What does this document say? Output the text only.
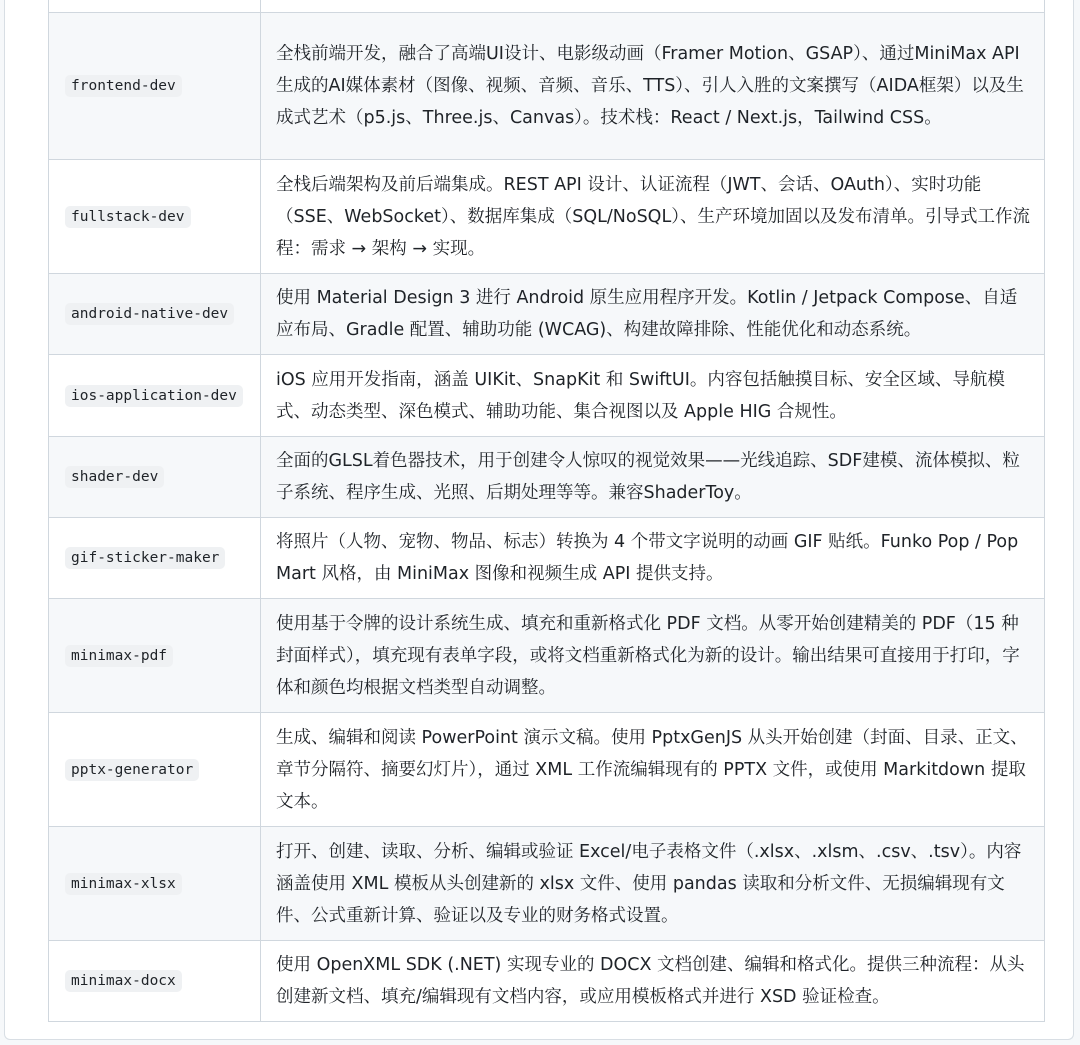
frontend-dev	全栈前端开发，融合了高端UI设计、电影级动画（Framer Motion、GSAP）、通过MiniMax API生成的AI媒体素材（图像、视频、音频、音乐、TTS）、引人入胜的文案撰写（AIDA框架）以及生成式艺术（p5.js、Three.js、Canvas）。技术栈：React / Next.js，Tailwind CSS。
fullstack-dev	全栈后端架构及前后端集成。REST API 设计、认证流程（JWT、会话、OAuth）、实时功能（SSE、WebSocket）、数据库集成（SQL/NoSQL）、生产环境加固以及发布清单。引导式工作流程：需求 → 架构 → 实现。
android-native-dev	使用 Material Design 3 进行 Android 原生应用程序开发。Kotlin / Jetpack Compose、自适应布局、Gradle 配置、辅助功能 (WCAG)、构建故障排除、性能优化和动态系统。
ios-application-dev	iOS 应用开发指南，涵盖 UIKit、SnapKit 和 SwiftUI。内容包括触摸目标、安全区域、导航模式、动态类型、深色模式、辅助功能、集合视图以及 Apple HIG 合规性。
shader-dev	全面的GLSL着色器技术，用于创建令人惊叹的视觉效果——光线追踪、SDF建模、流体模拟、粒子系统、程序生成、光照、后期处理等等。兼容ShaderToy。
gif-sticker-maker	将照片（人物、宠物、物品、标志）转换为 4 个带文字说明的动画 GIF 贴纸。Funko Pop / Pop Mart 风格，由 MiniMax 图像和视频生成 API 提供支持。
minimax-pdf	使用基于令牌的设计系统生成、填充和重新格式化 PDF 文档。从零开始创建精美的 PDF（15 种封面样式），填充现有表单字段，或将文档重新格式化为新的设计。输出结果可直接用于打印，字体和颜色均根据文档类型自动调整。
pptx-generator	生成、编辑和阅读 PowerPoint 演示文稿。使用 PptxGenJS 从头开始创建（封面、目录、正文、章节分隔符、摘要幻灯片），通过 XML 工作流编辑现有的 PPTX 文件，或使用 Markitdown 提取文本。
minimax-xlsx	打开、创建、读取、分析、编辑或验证 Excel/电子表格文件（.xlsx、.xlsm、.csv、.tsv）。内容涵盖使用 XML 模板从头创建新的 xlsx 文件、使用 pandas 读取和分析文件、无损编辑现有文件、公式重新计算、验证以及专业的财务格式设置。
minimax-docx	使用 OpenXML SDK (.NET) 实现专业的 DOCX 文档创建、编辑和格式化。提供三种流程：从头创建新文档、填充/编辑现有文档内容，或应用模板格式并进行 XSD 验证检查。
